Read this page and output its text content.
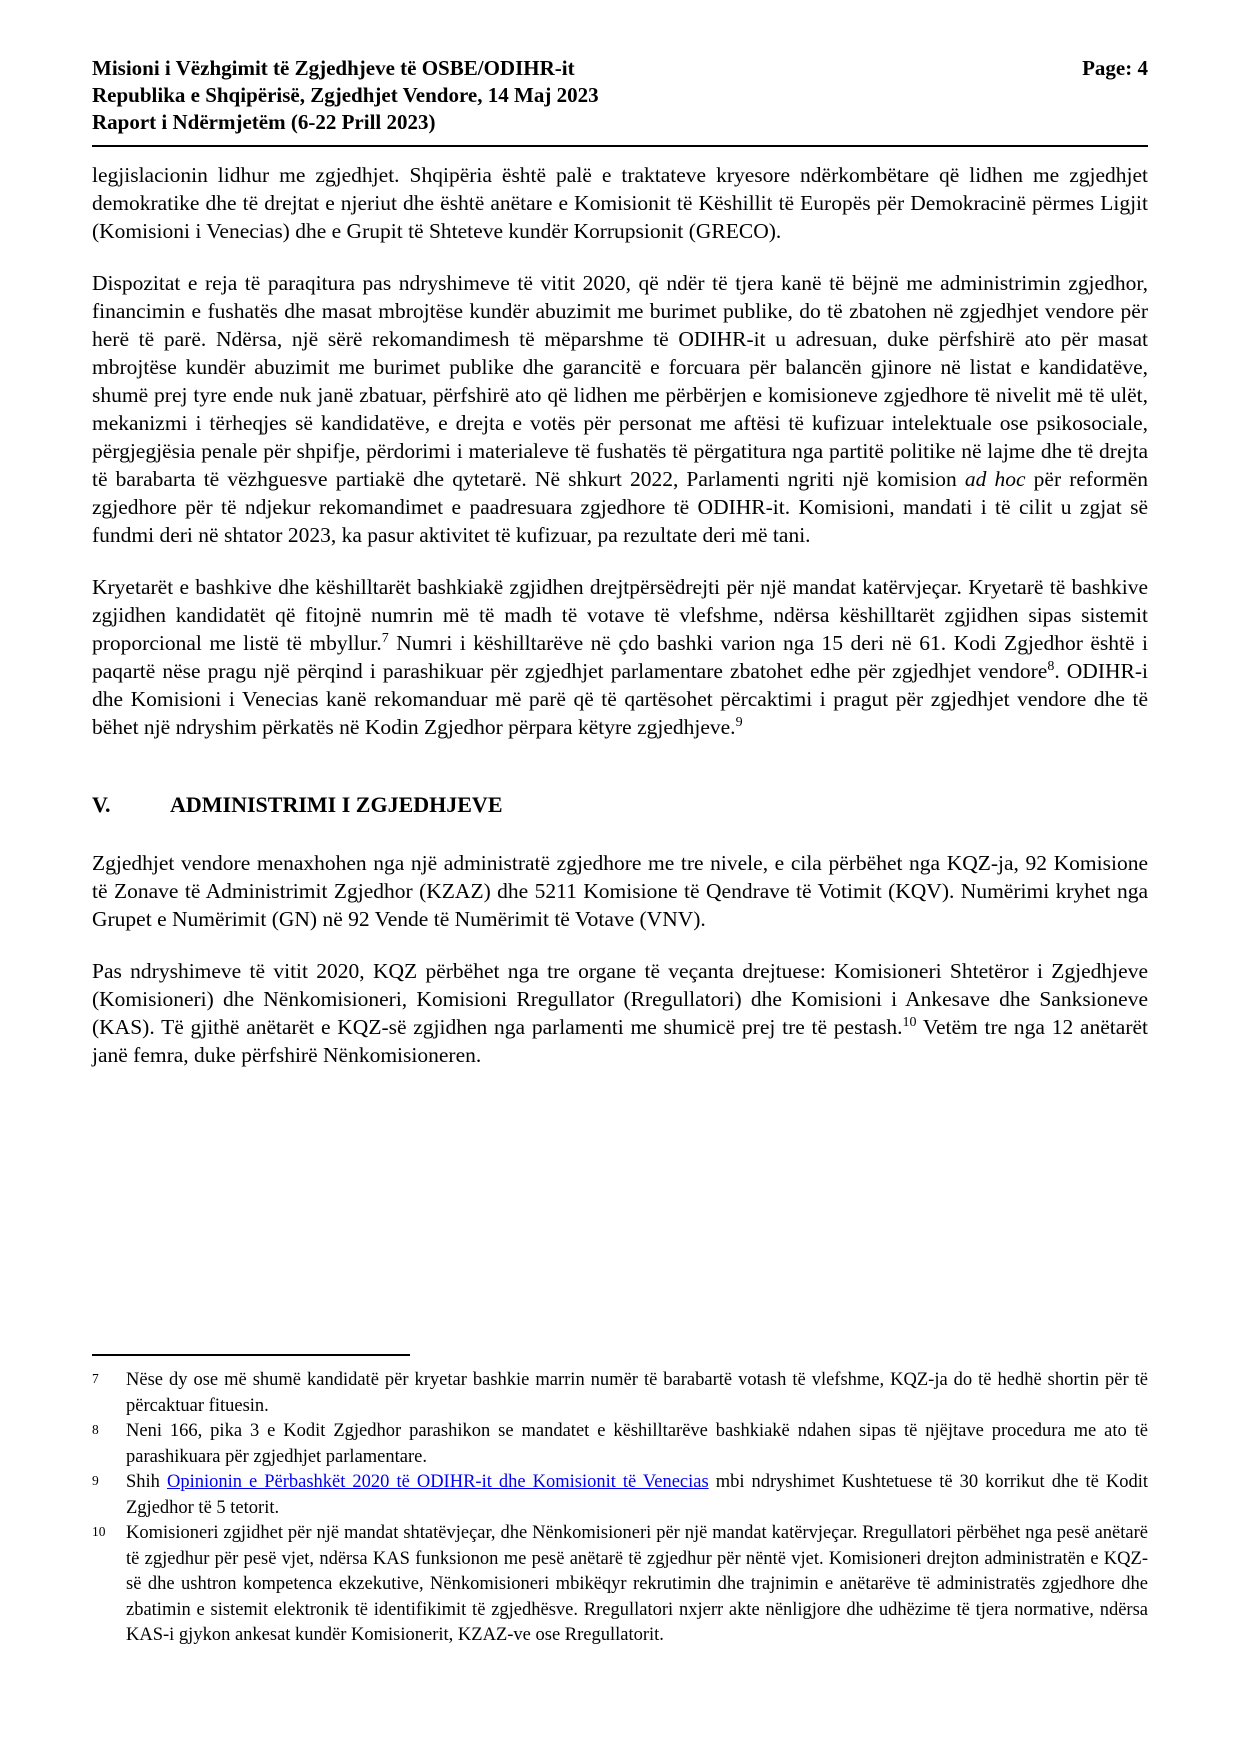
Misioni i Vëzhgimit të Zgjedhjeve të OSBE/ODIHR-it	Page: 4
Republika e Shqipërisë, Zgjedhjet Vendore, 14 Maj 2023
Raport i Ndërmjetëm (6-22 Prill 2023)

legjislacionin lidhur me zgjedhjet. Shqipëria është palë e traktateve kryesore ndërkombëtare që lidhen me zgjedhjet demokratike dhe të drejtat e njeriut dhe është anëtare e Komisionit të Këshillit të Europës për Demokracinë përmes Ligjit (Komisioni i Venecias) dhe e Grupit të Shteteve kundër Korrupsionit (GRECO).

Dispozitat e reja të paraqitura pas ndryshimeve të vitit 2020, që ndër të tjera kanë të bëjnë me administrimin zgjedhor, financimin e fushatës dhe masat mbrojtëse kundër abuzimit me burimet publike, do të zbatohen në zgjedhjet vendore për herë të parë. Ndërsa, një sërë rekomandimesh të mëparshme të ODIHR-it u adresuan, duke përfshirë ato për masat mbrojtëse kundër abuzimit me burimet publike dhe garancitë e forcuara për balancën gjinore në listat e kandidatëve, shumë prej tyre ende nuk janë zbatuar, përfshirë ato që lidhen me përbërjen e komisioneve zgjedhore të nivelit më të ulët, mekanizmi i tërheqjes së kandidatëve, e drejta e votës për personat me aftësi të kufizuar intelektuale ose psikosociale, përgjegjësia penale për shpifje, përdorimi i materialeve të fushatës të përgatitura nga partitë politike në lajme dhe të drejta të barabarta të vëzhguesve partiakë dhe qytetarë. Në shkurt 2022, Parlamenti ngriti një komision ad hoc për reformën zgjedhore për të ndjekur rekomandimet e paadresuara zgjedhore të ODIHR-it. Komisioni, mandati i të cilit u zgjat së fundmi deri në shtator 2023, ka pasur aktivitet të kufizuar, pa rezultate deri më tani.

Kryetarët e bashkive dhe këshilltarët bashkiakë zgjidhen drejtpërsëdrejti për një mandat katërvjeçar. Kryetarë të bashkive zgjidhen kandidatët që fitojnë numrin më të madh të votave të vlefshme, ndërsa këshilltarët zgjidhen sipas sistemit proporcional me listë të mbyllur.$^7$ Numri i këshilltarëve në çdo bashki varion nga 15 deri në 61. Kodi Zgjedhor është i paqartë nëse pragu një përqind i parashikuar për zgjedhjet parlamentare zbatohet edhe për zgjedhjet vendore$^8$. ODIHR-i dhe Komisioni i Venecias kanë rekomanduar më parë që të qartësohet përcaktimi i pragut për zgjedhjet vendore dhe të bëhet një ndryshim përkatës në Kodin Zgjedhor përpara këtyre zgjedhjeve.$^9$

V.	ADMINISTRIMI I ZGJEDHJEVE

Zgjedhjet vendore menaxhohen nga një administratë zgjedhore me tre nivele, e cila përbëhet nga KQZ-ja, 92 Komisione të Zonave të Administrimit Zgjedhor (KZAZ) dhe 5211 Komisione të Qendrave të Votimit (KQV). Numërimi kryhet nga Grupet e Numërimit (GN) në 92 Vende të Numërimit të Votave (VNV).

Pas ndryshimeve të vitit 2020, KQZ përbëhet nga tre organe të veçanta drejtuese: Komisioneri Shtetëror i Zgjedhjeve (Komisioneri) dhe Nënkomisioneri, Komisioni Rregullator (Rregullatori) dhe Komisioni i Ankesave dhe Sanksioneve (KAS). Të gjithë anëtarët e KQZ-së zgjidhen nga parlamenti me shumicë prej tre të pestash.$^{10}$ Vetëm tre nga 12 anëtarët janë femra, duke përfshirë Nënkomisioneren.

7	Nëse dy ose më shumë kandidatë për kryetar bashkie marrin numër të barabartë votash të vlefshme, KQZ-ja do të hedhë shortin për të përcaktuar fituesin.
8	Neni 166, pika 3 e Kodit Zgjedhor parashikon se mandatet e këshilltarëve bashkiakë ndahen sipas të njëjtave procedura me ato të parashikuara për zgjedhjet parlamentare.
9	Shih Opinionin e Përbashkët 2020 të ODIHR-it dhe Komisionit të Venecias mbi ndryshimet Kushtetuese të 30 korrikut dhe të Kodit Zgjedhor të 5 tetorit.
10	Komisioneri zgjidhet për një mandat shtatëvjeçar, dhe Nënkomisioneri për një mandat katërvjeçar. Rregullatori përbëhet nga pesë anëtarë të zgjedhur për pesë vjet, ndërsa KAS funksionon me pesë anëtarë të zgjedhur për nëntë vjet. Komisioneri drejton administratën e KQZ-së dhe ushtron kompetenca ekzekutive, Nënkomisioneri mbikëqyr rekrutimin dhe trajnimin e anëtarëve të administratës zgjedhore dhe zbatimin e sistemit elektronik të identifikimit të zgjedhësve. Rregullatori nxjerr akte nënligjore dhe udhëzime të tjera normative, ndërsa KAS-i gjykon ankesat kundër Komisionerit, KZAZ-ve ose Rregullatorit.
